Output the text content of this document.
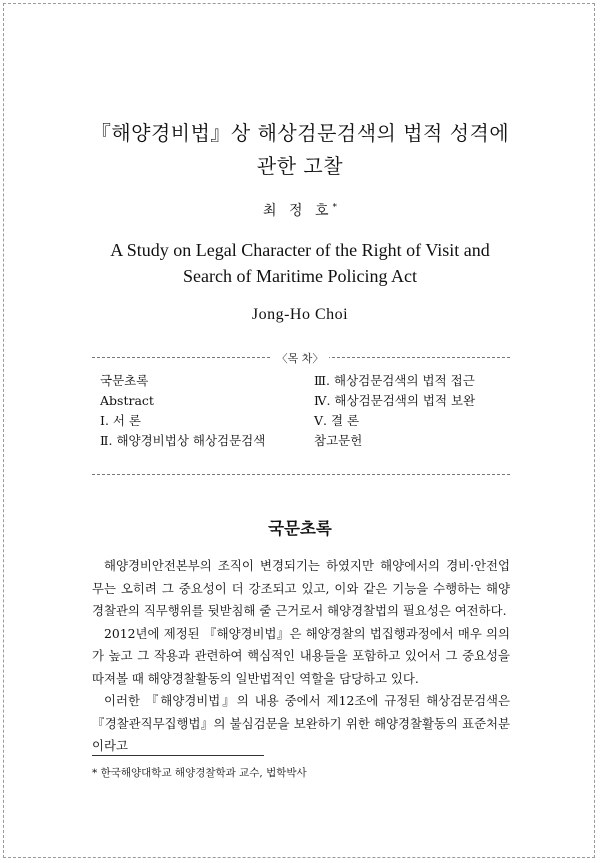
『해양경비법』상 해상검문검색의 법적 성격에
관한 고찰
최 정 호*
A Study on Legal Character of the Right of Visit and
Search of Maritime Policing Act
Jong-Ho Choi
〈목 차〉
국문초록
Abstract
Ⅰ. 서 론
Ⅱ. 해양경비법상 해상검문검색
Ⅲ. 해상검문검색의 법적 접근
Ⅳ. 해상검문검색의 법적 보완
Ⅴ. 결 론
참고문헌
국문초록

해양경비안전본부의 조직이 변경되기는 하였지만 해양에서의 경비·안전업무는 오히려 그 중요성이 더 강조되고 있고, 이와 같은 기능을 수행하는 해양경찰관의 직무행위를 뒷받침해 줄 근거로서 해양경찰법의 필요성은 여전하다.

2012년에 제정된 『해양경비법』은 해양경찰의 법집행과정에서 매우 의의가 높고 그 작용과 관련하여 핵심적인 내용들을 포함하고 있어서 그 중요성을 따져볼 때 해양경찰활동의 일반법적인 역할을 담당하고 있다.

이러한 『해양경비법』의 내용 중에서 제12조에 규정된 해상검문검색은 『경찰관직무집행법』의 불심검문을 보완하기 위한 해양경찰활동의 표준처분이라고

* 한국해양대학교 해양경찰학과 교수, 법학박사
